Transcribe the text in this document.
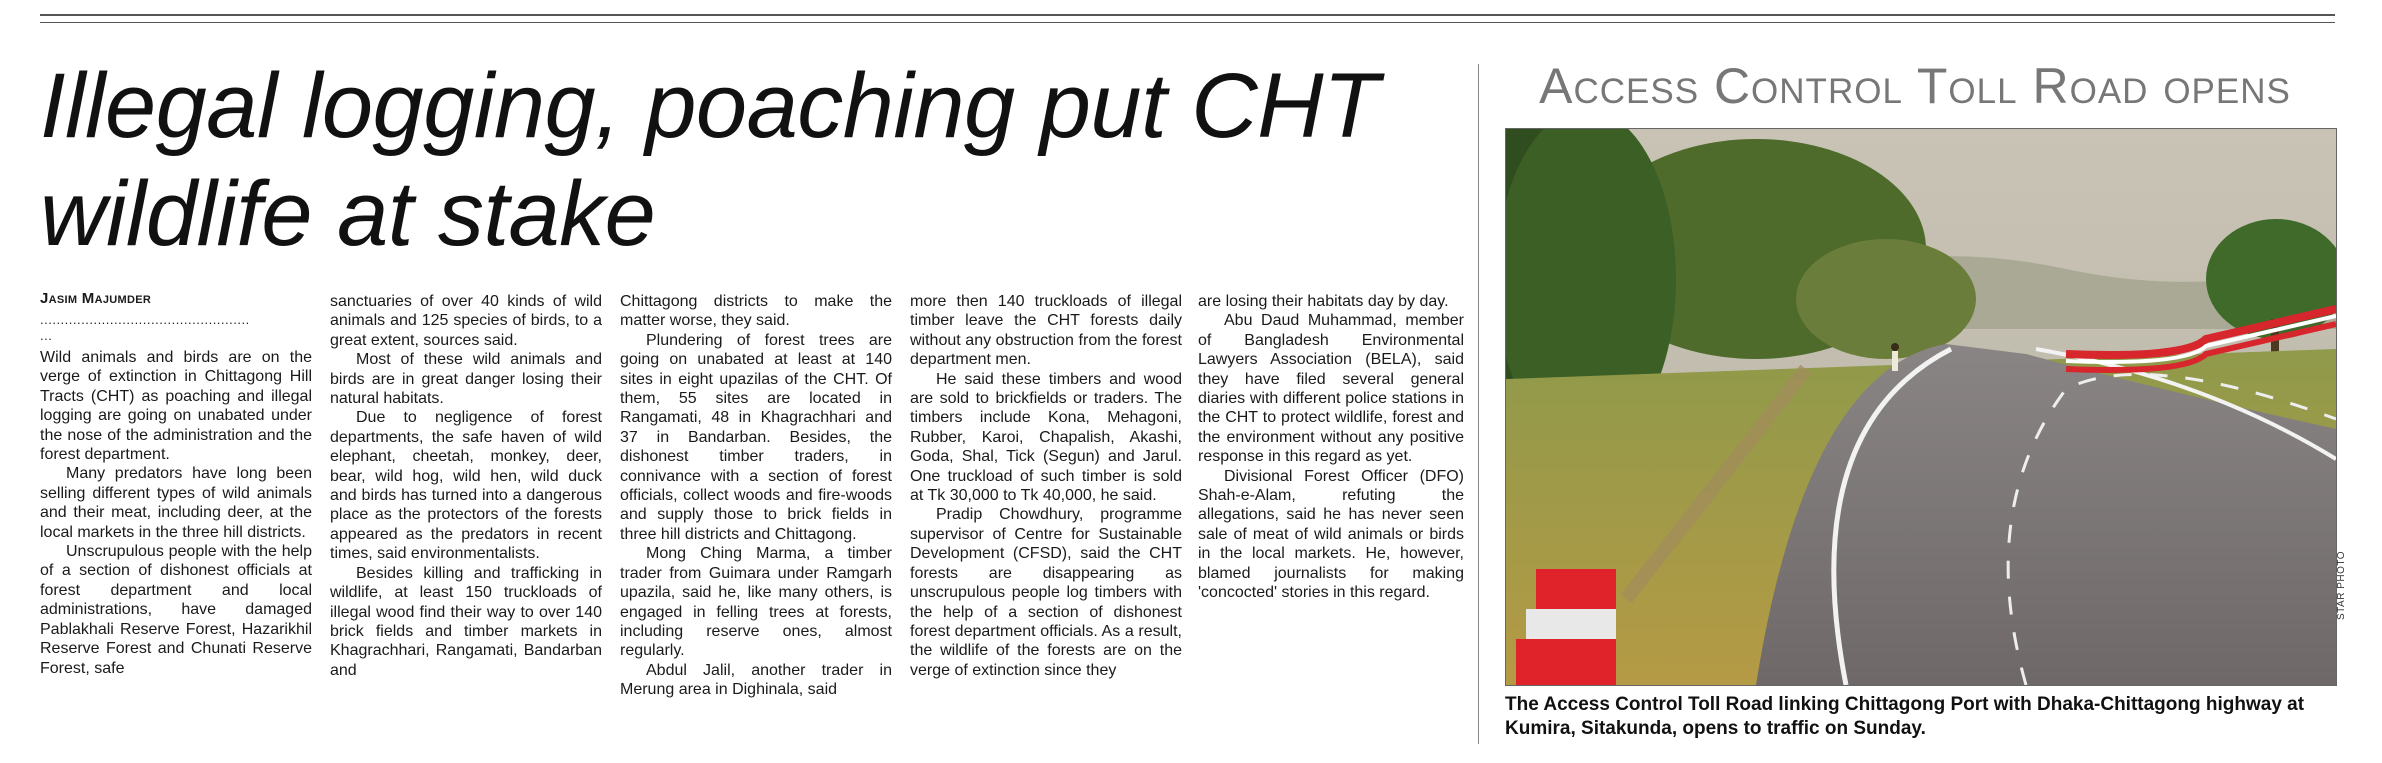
Illegal logging, poaching put CHT wildlife at stake
Jasim Majumder
...................................................
...

Wild animals and birds are on the verge of extinction in Chittagong Hill Tracts (CHT) as poaching and illegal logging are going on unabated under the nose of the administration and the forest department.

Many predators have long been selling different types of wild animals and their meat, including deer, at the local markets in the three hill districts.

Unscrupulous people with the help of a section of dishonest officials at forest department and local administrations, have damaged Pablakhali Reserve Forest, Hazarikhil Reserve Forest and Chunati Reserve Forest, safe

sanctuaries of over 40 kinds of wild animals and 125 species of birds, to a great extent, sources said.

Most of these wild animals and birds are in great danger losing their natural habitats.

Due to negligence of forest departments, the safe haven of wild elephant, cheetah, monkey, deer, bear, wild hog, wild hen, wild duck and birds has turned into a dangerous place as the protectors of the forests appeared as the predators in recent times, said environmentalists.

Besides killing and trafficking in wildlife, at least 150 truckloads of illegal wood find their way to over 140 brick fields and timber markets in Khagrachhari, Rangamati, Bandarban and

Chittagong districts to make the matter worse, they said.

Plundering of forest trees are going on unabated at least at 140 sites in eight upazilas of the CHT. Of them, 55 sites are located in Rangamati, 48 in Khagrachhari and 37 in Bandarban. Besides, the dishonest timber traders, in connivance with a section of forest officials, collect woods and fire-woods and supply those to brick fields in three hill districts and Chittagong.

Mong Ching Marma, a timber trader from Guimara under Ramgarh upazila, said he, like many others, is engaged in felling trees at forests, including reserve ones, almost regularly.

Abdul Jalil, another trader in Merung area in Dighinala, said

more then 140 truckloads of illegal timber leave the CHT forests daily without any obstruction from the forest department men.

He said these timbers and wood are sold to brickfields or traders. The timbers include Kona, Mehagoni, Rubber, Karoi, Chapalish, Akashi, Goda, Shal, Tick (Segun) and Jarul. One truckload of such timber is sold at Tk 30,000 to Tk 40,000, he said.

Pradip Chowdhury, programme supervisor of Centre for Sustainable Development (CFSD), said the CHT forests are disappearing as unscrupulous people log timbers with the help of a section of dishonest forest department officials. As a result, the wildlife of the forests are on the verge of extinction since they

are losing their habitats day by day.

Abu Daud Muhammad, member of Bangladesh Environmental Lawyers Association (BELA), said they have filed several general diaries with different police stations in the CHT to protect wildlife, forest and the environment without any positive response in this regard as yet.

Divisional Forest Officer (DFO) Shah-e-Alam, refuting the allegations, said he has never seen sale of meat of wild animals or birds in the local markets. He, however, blamed journalists for making 'concocted' stories in this regard.

Access Control Toll Road opens
STAR PHOTO
The Access Control Toll Road linking Chittagong Port with Dhaka-Chittagong highway at Kumira, Sitakunda, opens to traffic on Sunday.
